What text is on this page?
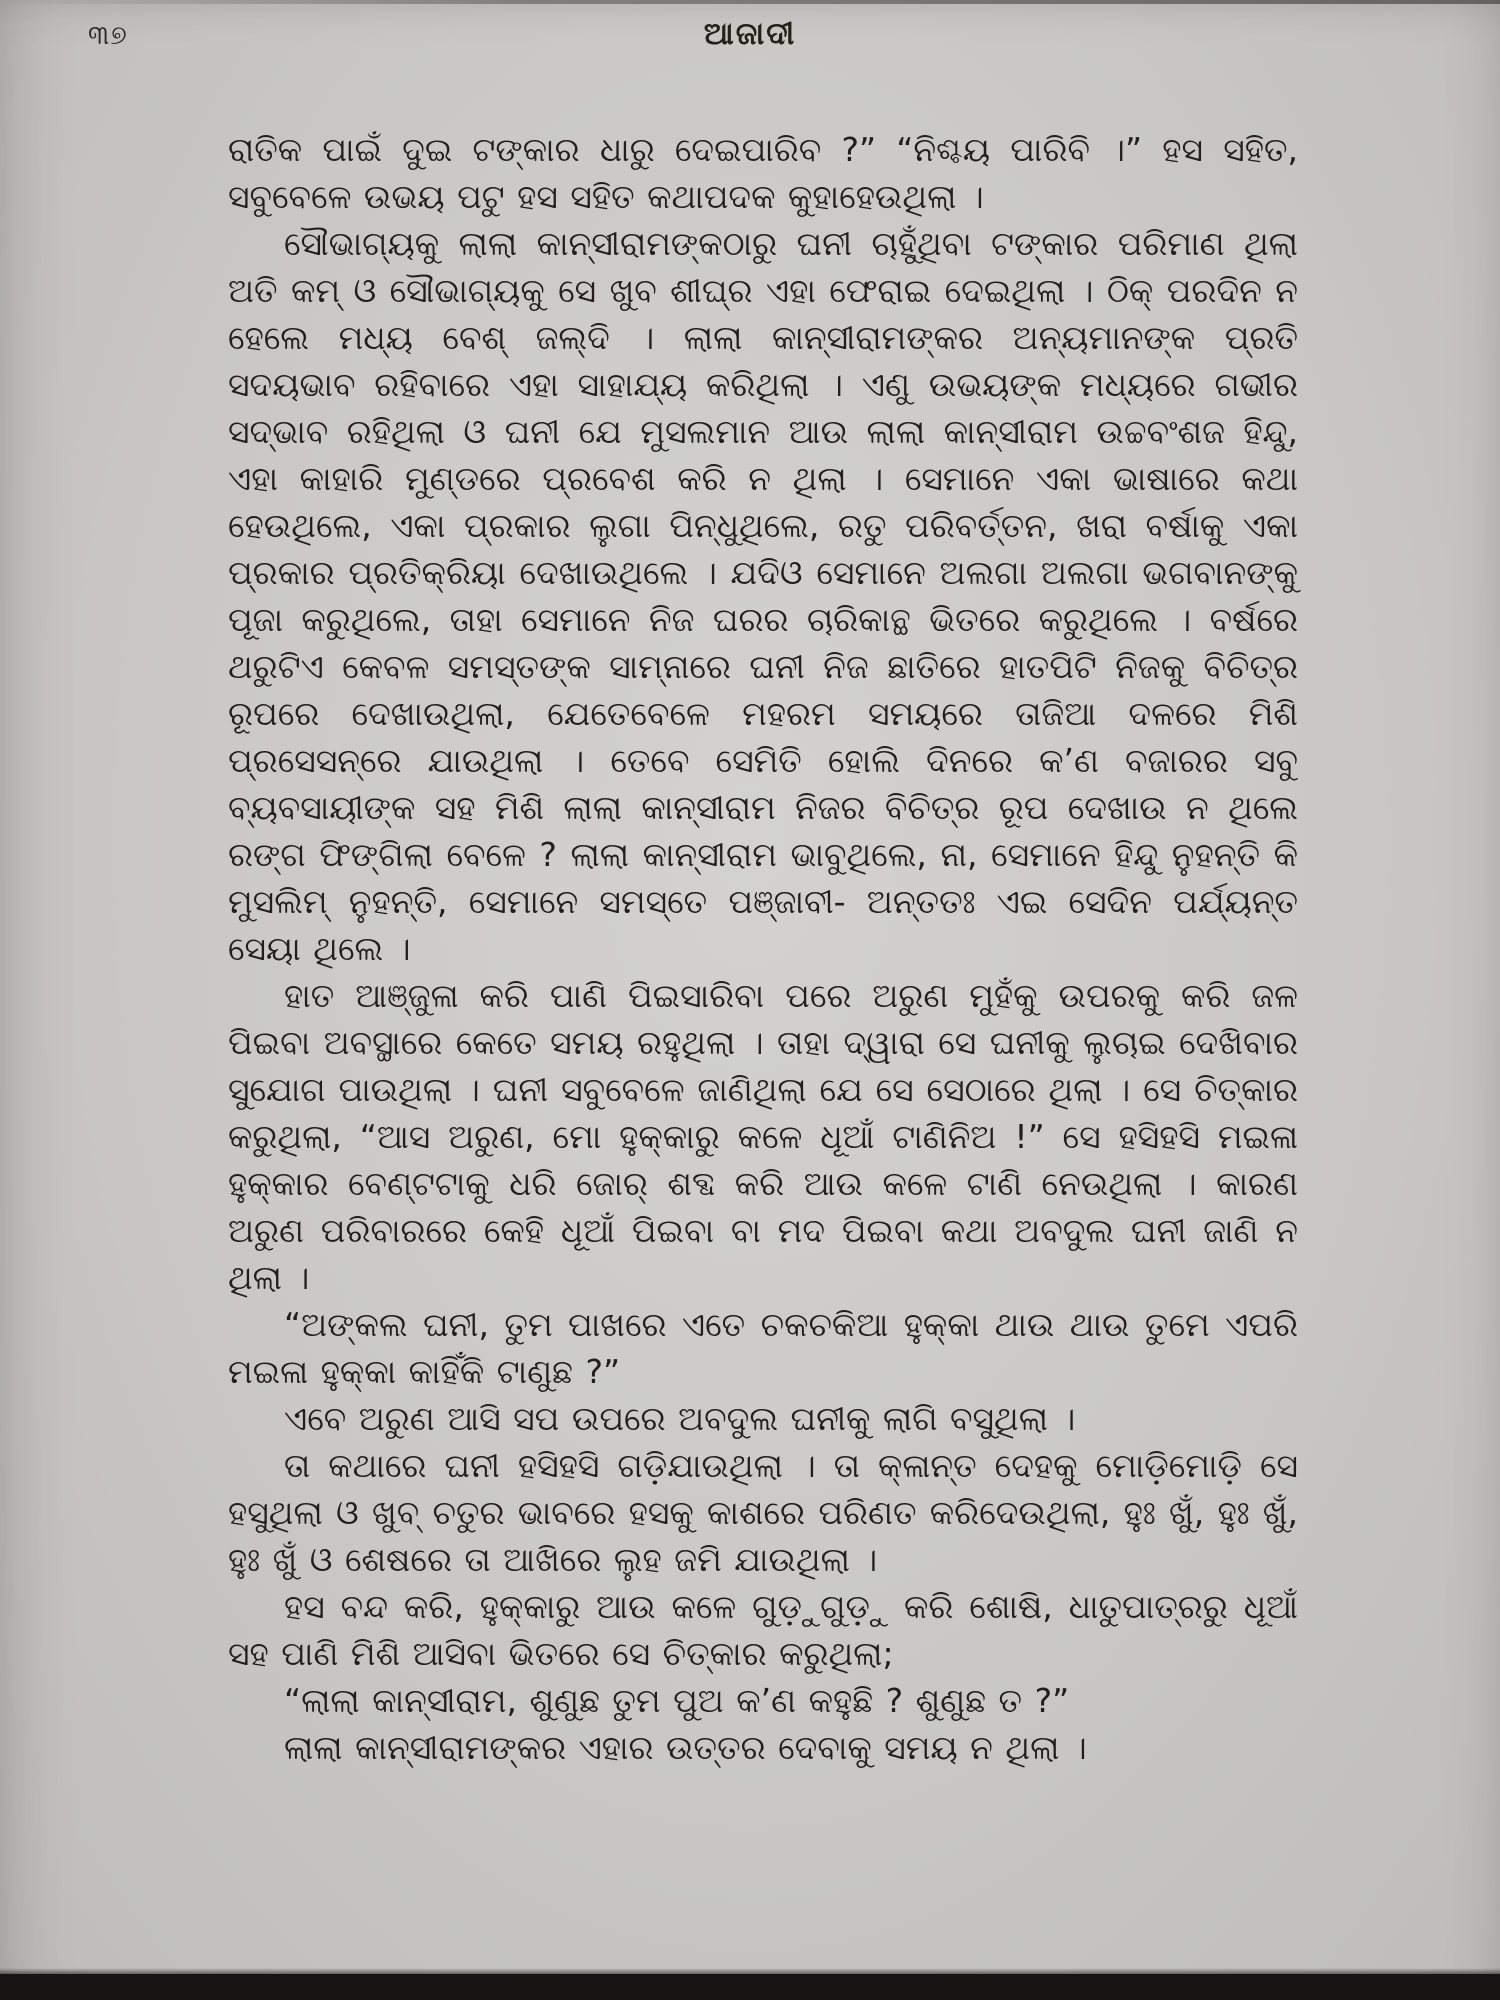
୩୭	ଆଜାଦୀ

ରାତିକ ପାଇଁ ଦୁଇ ଟଙ୍କାର ଧାରୁ ଦେଇପାରିବ ?” “ନିଶ୍ଚୟ ପାରିବି ।” ହସ ସହିତ, ସବୁବେଳେ ଉଭୟ ପଟୁ ହସ ସହିତ କଥାପଦକ କୁହାହେଉଥିଲା ।

ସୌଭାଗ୍ୟକୁ ଲାଲା କାନ୍ସୀରାମଙ୍କଠାରୁ ଘନୀ ଚାହୁଁଥିବା ଟଙ୍କାର ପରିମାଣ ଥିଲା ଅତି କମ୍ ଓ ସୌଭାଗ୍ୟକୁ ସେ ଖୁବ ଶୀଘ୍ର ଏହା ଫେରାଇ ଦେଇଥିଲା । ଠିକ୍ ପରଦିନ ନ ହେଲେ ମଧ୍ୟ ବେଶ୍ ଜଲ୍ଦି । ଲାଲା କାନ୍ସୀରାମଙ୍କର ଅନ୍ୟମାନଙ୍କ ପ୍ରତି ସଦୟଭାବ ରହିବାରେ ଏହା ସାହାଯ୍ୟ କରିଥିଲା । ଏଣୁ ଉଭୟଙ୍କ ମଧ୍ୟରେ ଗଭୀର ସଦ୍ଭାବ ରହିଥିଲା ଓ ଘନୀ ଯେ ମୁସଲମାନ ଆଉ ଲାଲା କାନ୍ସୀରାମ ଉଚ୍ଚବଂଶଜ ହିନ୍ଦୁ, ଏହା କାହାରି ମୁଣ୍ଡରେ ପ୍ରବେଶ କରି ନ ଥିଲା । ସେମାନେ ଏକା ଭାଷାରେ କଥା ହେଉଥିଲେ, ଏକା ପ୍ରକାର ଲୁଗା ପିନ୍ଧୁଥିଲେ, ରତୁ ପରିବର୍ତ୍ତନ, ଖରା ବର୍ଷାକୁ ଏକା ପ୍ରକାର ପ୍ରତିକ୍ରିୟା ଦେଖାଉଥିଲେ । ଯଦିଓ ସେମାନେ ଅଲଗା ଅଲଗା ଭଗବାନଙ୍କୁ ପୂଜା କରୁଥିଲେ, ତାହା ସେମାନେ ନିଜ ଘରର ଚାରିକାନ୍ଥ ଭିତରେ କରୁଥିଲେ । ବର୍ଷରେ ଥରୁଟିଏ କେବଳ ସମସ୍ତଙ୍କ ସାମ୍ନାରେ ଘନୀ ନିଜ ଛାତିରେ ହାତପିଟି ନିଜକୁ ବିଚିତ୍ର ରୂପରେ ଦେଖାଉଥିଲା, ଯେତେବେଳେ ମହରମ ସମୟରେ ତାଜିଆ ଦଳରେ ମିଶି ପ୍ରସେସନ୍‌ରେ ଯାଉଥିଲା । ତେବେ ସେମିତି ହୋଲି ଦିନରେ କ’ଣ ବଜାରର ସବୁ ବ୍ୟବସାୟୀଙ୍କ ସହ ମିଶି ଲାଲା କାନ୍ସୀରାମ ନିଜର ବିଚିତ୍ର ରୂପ ଦେଖାଉ ନ ଥିଲେ ରଙ୍ଗ ଫିଙ୍ଗିଲା ବେଳେ ? ଲାଲା କାନ୍ସୀରାମ ଭାବୁଥିଲେ, ନା, ସେମାନେ ହିନ୍ଦୁ ନୁହନ୍ତି କି ମୁସଲିମ୍ ନୁହନ୍ତି, ସେମାନେ ସମସ୍ତେ ପଞ୍ଜାବୀ- ଅନ୍ତତଃ ଏଇ ସେଦିନ ପର୍ଯ୍ୟନ୍ତ ସେୟା ଥିଲେ ।

ହାତ ଆଞ୍ଜୁଳା କରି ପାଣି ପିଇସାରିବା ପରେ ଅରୁଣ ମୁହଁକୁ ଉପରକୁ କରି ଜଳ ପିଇବା ଅବସ୍ଥାରେ କେତେ ସମୟ ରହୁଥିଲା । ତାହା ଦ୍ୱାରା ସେ ଘନୀକୁ ଲୁଚାଇ ଦେଖିବାର ସୁଯୋଗ ପାଉଥିଲା । ଘନୀ ସବୁବେଳେ ଜାଣିଥିଲା ଯେ ସେ ସେଠାରେ ଥିଲା । ସେ ଚିତ୍କାର କରୁଥିଲା, “ଆସ ଅରୁଣ, ମୋ ହୁକ୍କାରୁ କଳେ ଧୂଆଁ ଟାଣିନିଅ !” ସେ ହସିହସି ମଇଳା ହୁକ୍କାର ବେଣ୍ଟଟାକୁ ଧରି ଜୋର୍ ଶବ୍ଦ କରି ଆଉ କଳେ ଟାଣି ନେଉଥିଲା । କାରଣ ଅରୁଣ ପରିବାରରେ କେହି ଧୂଆଁ ପିଇବା ବା ମଦ ପିଇବା କଥା ଅବଦୁଲ ଘନୀ ଜାଣି ନ ଥିଲା ।

“ଅଙ୍କଲ ଘନୀ, ତୁମ ପାଖରେ ଏତେ ଚକଚକିଆ ହୁକ୍କା ଥାଉ ଥାଉ ତୁମେ ଏପରି ମଇଳା ହୁକ୍କା କାହିଁକି ଟାଣୁଛ ?”

ଏବେ ଅରୁଣ ଆସି ସପ ଉପରେ ଅବଦୁଲ ଘନୀକୁ ଲାଗି ବସୁଥିଲା ।

ତା କଥାରେ ଘନୀ ହସିହସି ଗଡ଼ିଯାଉଥିଲା । ତା କ୍ଳାନ୍ତ ଦେହକୁ ମୋଡ଼ିମୋଡ଼ି ସେ ହସୁଥିଲା ଓ ଖୁବ୍ ଚତୁର ଭାବରେ ହସକୁ କାଶରେ ପରିଣତ କରିଦେଉଥିଲା, ହୁଃ ଖୁଁ, ହୁଃ ଖୁଁ, ହୁଃ ଖୁଁ ଓ ଶେଷରେ ତା ଆଖିରେ ଲୁହ ଜମି ଯାଉଥିଲା ।

ହସ ବନ୍ଦ କରି, ହୁକ୍କାରୁ ଆଉ କଳେ ଗୁଡ଼ୁଗୁଡ଼ୁ କରି ଶୋଷି, ଧାତୁପାତ୍ରରୁ ଧୂଆଁ ସହ ପାଣି ମିଶି ଆସିବା ଭିତରେ ସେ ଚିତ୍କାର କରୁଥିଲା;

“ଲାଲା କାନ୍ସୀରାମ, ଶୁଣୁଛ ତୁମ ପୁଅ କ’ଣ କହୁଛି ? ଶୁଣୁଛ ତ ?”

ଲାଲା କାନ୍ସୀରାମଙ୍କର ଏହାର ଉତ୍ତର ଦେବାକୁ ସମୟ ନ ଥିଲା ।
